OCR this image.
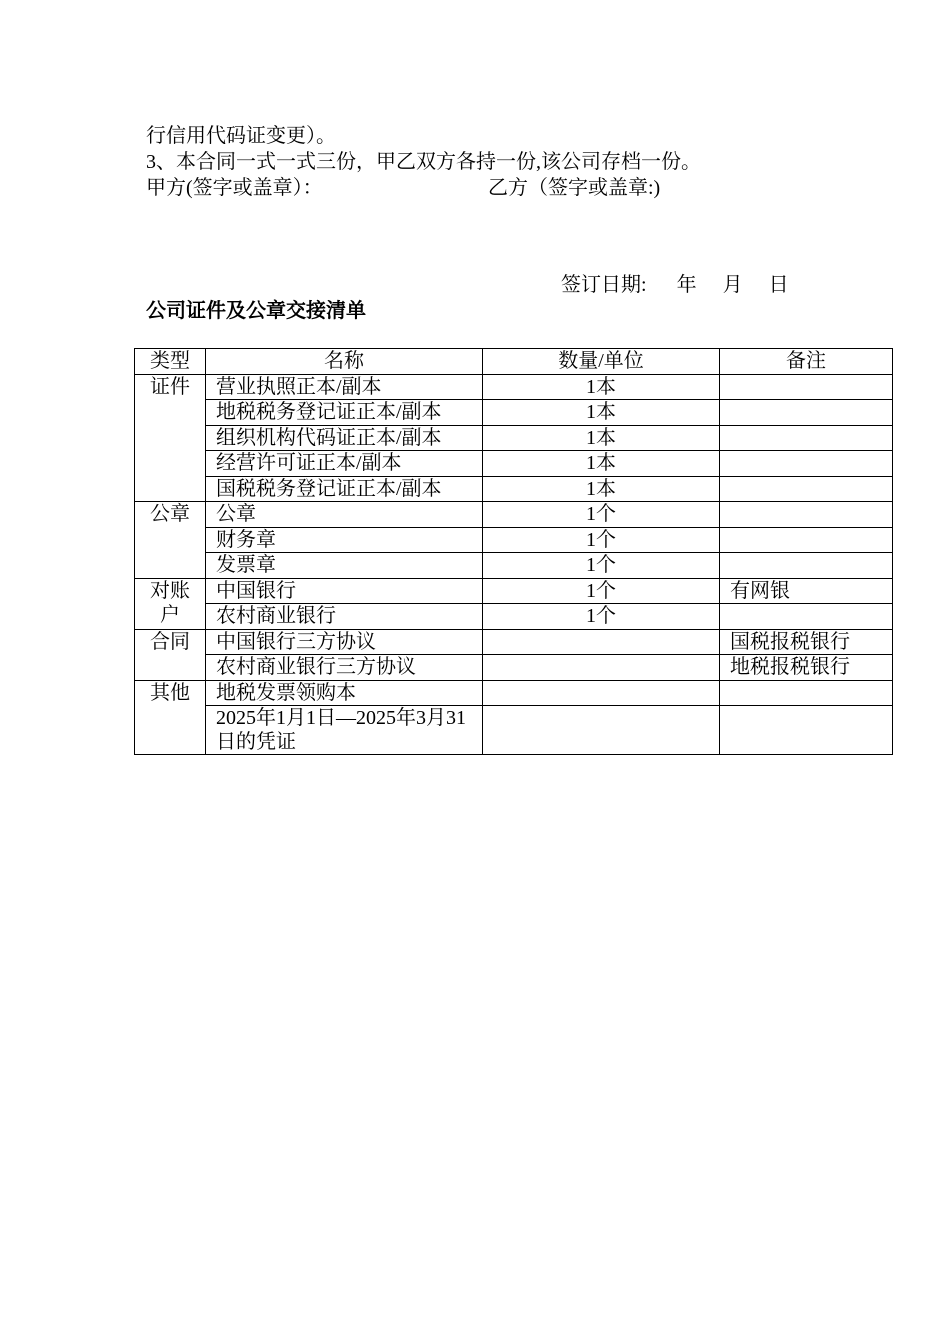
行信用代码证变更）。
3、本合同一式一式三份，甲乙双方各持一份,该公司存档一份。
甲方(签字或盖章）：	乙方（签字或盖章:)
签订日期: 年 月 日
公司证件及公章交接清单
类型	名称	数量/单位	备注
证件	营业执照正本/副本	1本	
	地税税务登记证正本/副本	1本	
	组织机构代码证正本/副本	1本	
	经营许可证正本/副本	1本	
	国税税务登记证正本/副本	1本	
公章	公章	1个	
	财务章	1个	
	发票章	1个	
对账户	中国银行	1个	有网银
	农村商业银行	1个	
合同	中国银行三方协议		国税报税银行
	农村商业银行三方协议		地税报税银行
其他	地税发票领购本		
	2025年1月1日—2025年3月31日的凭证		
